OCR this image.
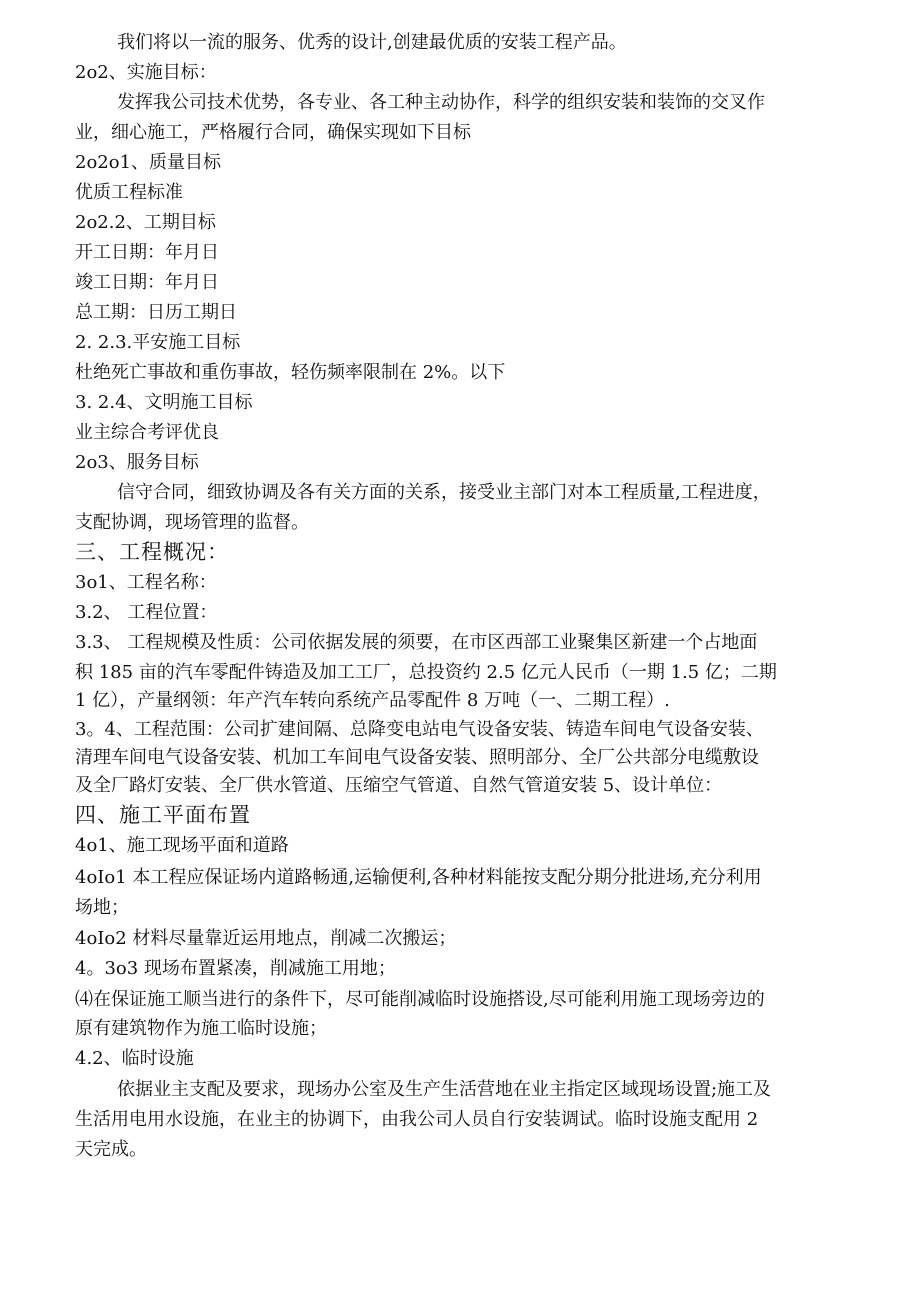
我们将以一流的服务、优秀的设计,创建最优质的安装工程产品。
2o2、实施目标：
发挥我公司技术优势，各专业、各工种主动协作，科学的组织安装和装饰的交叉作
业，细心施工，严格履行合同，确保实现如下目标
2o2o1、质量目标
优质工程标准
2o2.2、工期目标
开工日期：年月日
竣工日期：年月日
总工期：日历工期日
2. 2.3.平安施工目标
杜绝死亡事故和重伤事故，轻伤频率限制在 2%。以下
3. 2.4、文明施工目标
业主综合考评优良
2o3、服务目标
信守合同，细致协调及各有关方面的关系，接受业主部门对本工程质量,工程进度，
支配协调，现场管理的监督。
三、工程概况：
3o1、工程名称：
3.2、 工程位置：
3.3、 工程规模及性质：公司依据发展的须要，在市区西部工业聚集区新建一个占地面
积 185 亩的汽车零配件铸造及加工工厂，总投资约 2.5 亿元人民币（一期 1.5 亿；二期
1 亿），产量纲领：年产汽车转向系统产品零配件 8 万吨（一、二期工程）.
3。4、工程范围：公司扩建间隔、总降变电站电气设备安装、铸造车间电气设备安装、
清理车间电气设备安装、机加工车间电气设备安装、照明部分、全厂公共部分电缆敷设
及全厂路灯安装、全厂供水管道、压缩空气管道、自然气管道安装 5、设计单位：
四、施工平面布置
4o1、施工现场平面和道路
4oIo1 本工程应保证场内道路畅通,运输便利,各种材料能按支配分期分批进场,充分利用
场地；
4oIo2 材料尽量靠近运用地点，削减二次搬运；
4。3o3 现场布置紧凑，削减施工用地；
⑷在保证施工顺当进行的条件下，尽可能削减临时设施搭设,尽可能利用施工现场旁边的
原有建筑物作为施工临时设施；
4.2、临时设施
依据业主支配及要求，现场办公室及生产生活营地在业主指定区域现场设置;施工及
生活用电用水设施，在业主的协调下，由我公司人员自行安装调试。临时设施支配用 2
天完成。
